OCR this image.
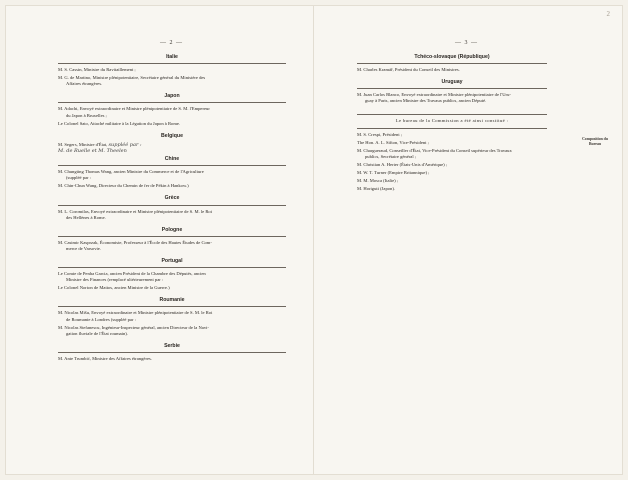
2
— 2 —	— 3 —
Italie
M. S. Cassin, Ministre du Ravitaillement ;
M. G. de Martino, Ministre plénipotentiaire, Secrétaire général du Ministère des
Affaires étrangères.
Japon
M. Adachi, Envoyé extraordinaire et Ministre plénipotentiaire de S. M. l'Empereur
du Japon à Bruxelles ;
Le Colonel Sato, Attaché militaire à la Légation du Japon à Rome.
Belgique
M. Segers, Ministre d'État, suppléé par :
M. de Ruelle et M. Theelen
Chine
M. Chungting Thomas Wang, ancien Ministre du Commerce et de l'Agriculture
(suppléé par :
M. Chin-Chun Wang, Directeur du Chemin de fer de Pékin à Hankow.)
Grèce
M. L. Coromilas, Envoyé extraordinaire et Ministre plénipotentiaire de S. M. le Roi
des Hellènes à Rome.
Pologne
M. Casimir Kasprzak, Économiste, Professeur à l'École des Hautes Études de Com-
merce de Varsovie.
Portugal
Le Comte de Penha Garcia, ancien Président de la Chambre des Députés, ancien
Ministre des Finances (remplacé ultérieurement par :
Le Colonel Norton de Mattos, ancien Ministre de la Guerre.)
Roumanie
M. Nicolas Mišu, Envoyé extraordinaire et Ministre plénipotentiaire de S. M. le Roi
de Roumanie à Londres (suppléé par :
M. Nicolas Stefanescu, Ingénieur-Inspecteur général, ancien Directeur de la Navi-
gation fluviale de l'État roumain).
Serbie
M. Ante Trumbić, Ministre des Affaires étrangères.
Tchéco-slovaque (République)
M. Charles Kramář, Président du Conseil des Ministres.
Uruguay
M. Juan Carlos Blanco, Envoyé extraordinaire et Ministre plénipotentiaire de l'Uru-
guay à Paris, ancien Ministre des Travaux publics, ancien Député.
Le bureau de la Commission a été ainsi constitué :
M. S. Crespi, Président ;
The Hon. A. L. Sifton, Vice-Président ;
M. Chargueraud, Conseiller d'État, Vice-Président du Conseil supérieur des Travaux
publics, Secrétaire général ;
M. Christian A. Herter (États-Unis d'Amérique) ;
M. W. T. Turner (Empire Britannique) ;
M. M. Mosca (Italie) ;
M. Horiguti (Japon).
Composition du Bureau
